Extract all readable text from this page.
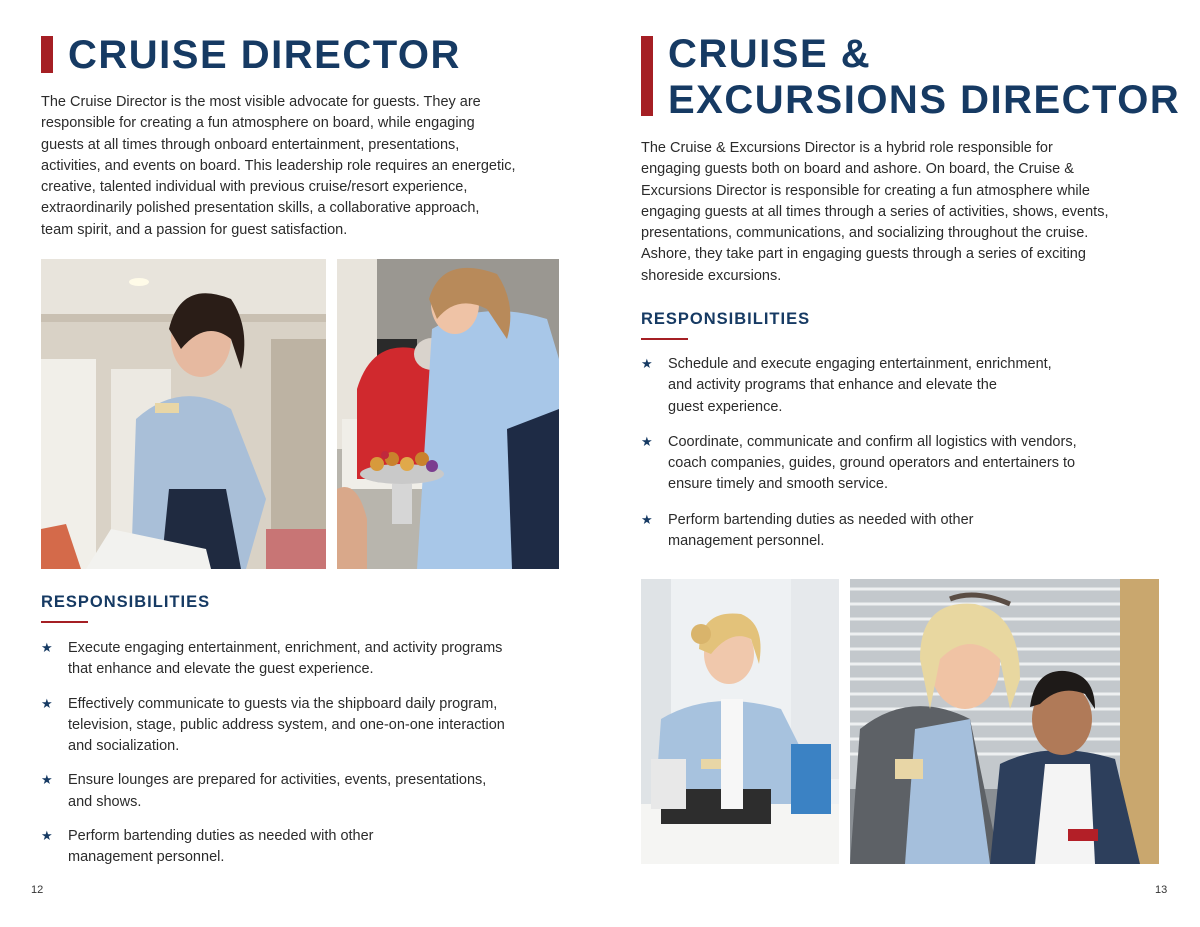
CRUISE DIRECTOR
The Cruise Director is the most visible advocate for guests. They are
responsible for creating a fun atmosphere on board, while engaging
guests at all times through onboard entertainment, presentations,
activities, and events on board. This leadership role requires an energetic,
creative, talented individual with previous cruise/resort experience,
extraordinarily polished presentation skills, a collaborative approach,
team spirit, and a passion for guest satisfaction.
RESPONSIBILITIES
★ Execute engaging entertainment, enrichment, and activity programs
that enhance and elevate the guest experience.
★ Effectively communicate to guests via the shipboard daily program,
television, stage, public address system, and one-on-one interaction
and socialization.
★ Ensure lounges are prepared for activities, events, presentations,
and shows.
★ Perform bartending duties as needed with other
management personnel.
12
CRUISE &
EXCURSIONS DIRECTOR
The Cruise & Excursions Director is a hybrid role responsible for
engaging guests both on board and ashore. On board, the Cruise &
Excursions Director is responsible for creating a fun atmosphere while
engaging guests at all times through a series of activities, shows, events,
presentations, communications, and socializing throughout the cruise.
Ashore, they take part in engaging guests through a series of exciting
shoreside excursions.
RESPONSIBILITIES
★ Schedule and execute engaging entertainment, enrichment,
and activity programs that enhance and elevate the
guest experience.
★ Coordinate, communicate and confirm all logistics with vendors,
coach companies, guides, ground operators and entertainers to
ensure timely and smooth service.
★ Perform bartending duties as needed with other
management personnel.
13
